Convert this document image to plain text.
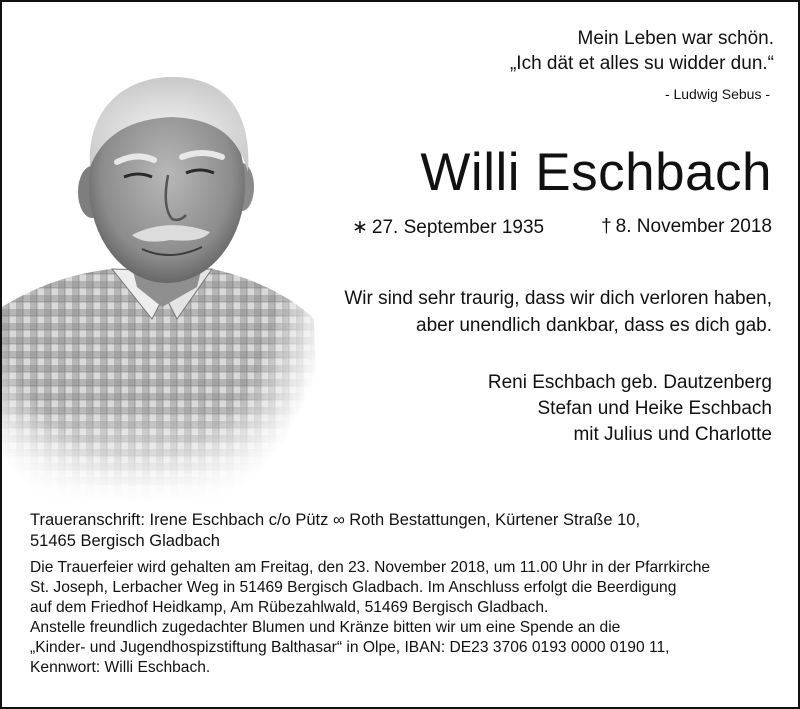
Mein Leben war schön.
„Ich dät et alles su widder dun.“
- Ludwig Sebus -
Willi Eschbach
∗ 27. September 1935	† 8. November 2018
Wir sind sehr traurig, dass wir dich verloren haben,
aber unendlich dankbar, dass es dich gab.
Reni Eschbach geb. Dautzenberg
Stefan und Heike Eschbach
mit Julius und Charlotte

Traueranschrift: Irene Eschbach c/o Pütz ∞ Roth Bestattungen, Kürtener Straße 10,
51465 Bergisch Gladbach

Die Trauerfeier wird gehalten am Freitag, den 23. November 2018, um 11.00 Uhr in der Pfarrkirche
St. Joseph, Lerbacher Weg in 51469 Bergisch Gladbach. Im Anschluss erfolgt die Beerdigung
auf dem Friedhof Heidkamp, Am Rübezahlwald, 51469 Bergisch Gladbach.

Anstelle freundlich zugedachter Blumen und Kränze bitten wir um eine Spende an die
„Kinder- und Jugendhospizstiftung Balthasar“ in Olpe, IBAN: DE23 3706 0193 0000 0190 11,
Kennwort: Willi Eschbach.
